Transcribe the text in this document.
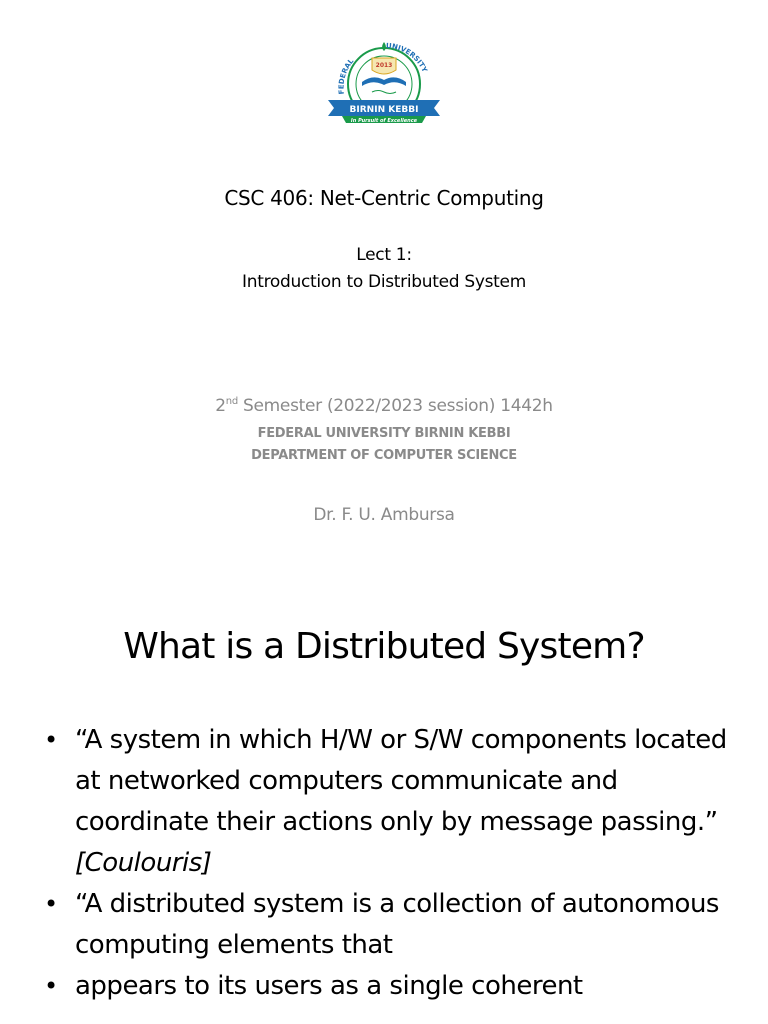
FEDERAL
UNIVERSITY
2013
BIRNIN KEBBI
In Pursuit of Excellence
CSC 406: Net-Centric Computing
Lect 1:
Introduction to Distributed System
2nd Semester (2022/2023 session) 1442h
FEDERAL UNIVERSITY BIRNIN KEBBI
DEPARTMENT OF COMPUTER SCIENCE
Dr. F. U. Ambursa
What is a Distributed System?
• “A system in which H/W or S/W components located at networked computers communicate and coordinate their actions only by message passing.” [Coulouris]
• “A distributed system is a collection of autonomous computing elements that
• appears to its users as a single coherent
